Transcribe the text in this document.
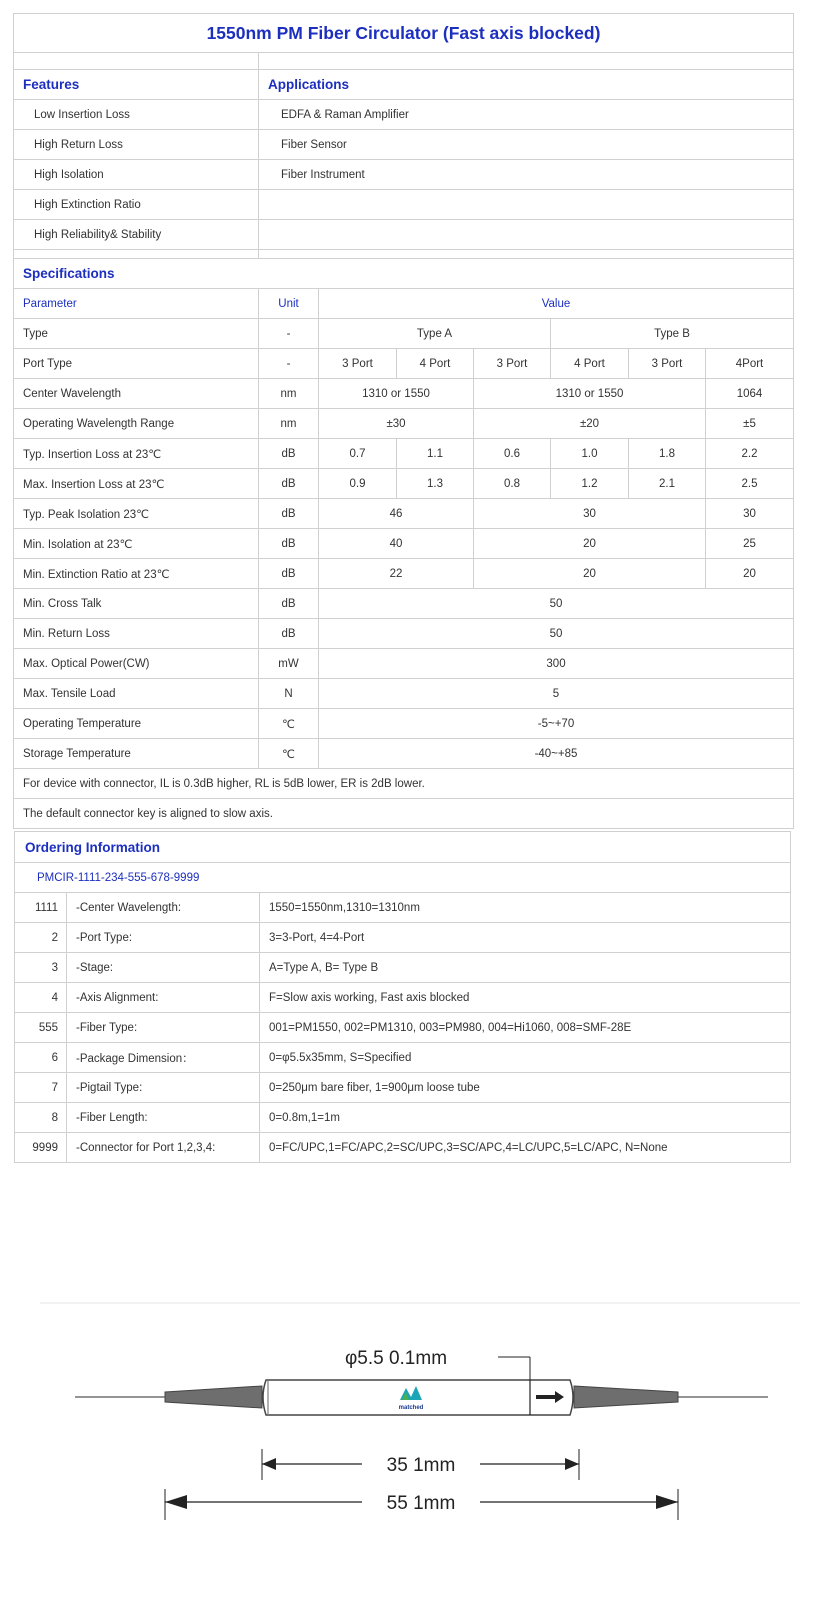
1550nm PM Fiber Circulator (Fast axis blocked)							

Features	Applications						
Low Insertion Loss	EDFA & Raman Amplifier						
High Return Loss	Fiber Sensor						
High Isolation	Fiber Instrument						
High Extinction Ratio							
High Reliability& Stability							

Specifications							
Parameter	Unit	Value					
Type	-	Type A			Type B		
Port Type	-	3 Port	4 Port	3 Port	4 Port	3 Port	4Port
Center Wavelength	nm	1310 or 1550		1310 or 1550			1064
Operating Wavelength Range	nm	±30		±20			±5
Typ. Insertion Loss at 23℃	dB	0.7	1.1	0.6	1.0	1.8	2.2
Max. Insertion Loss at 23℃	dB	0.9	1.3	0.8	1.2	2.1	2.5
Typ. Peak Isolation 23℃	dB	46		30			30
Min. Isolation at 23℃	dB	40		20			25
Min. Extinction Ratio at 23℃	dB	22		20			20
Min. Cross Talk	dB	50					
Min. Return Loss	dB	50					
Max. Optical Power(CW)	mW	300					
Max. Tensile Load	N	5					
Operating Temperature	℃	-5~+70					
Storage Temperature	℃	-40~+85					
For device with connector, IL is 0.3dB higher, RL is 5dB lower, ER is 2dB lower.							
The default connector key is aligned to slow axis.							
Ordering Information		
PMCIR-1111-234-555-678-9999		
1111	-Center Wavelength:	1550=1550nm,1310=1310nm
2	-Port Type:	3=3-Port, 4=4-Port
3	-Stage:	A=Type A, B= Type B
4	-Axis Alignment:	F=Slow axis working, Fast axis blocked
555	-Fiber Type:	001=PM1550, 002=PM1310, 003=PM980, 004=Hi1060, 008=SMF-28E
6	-Package Dimension：	0=φ5.5x35mm, S=Specified
7	-Pigtail Type:	0=250μm bare fiber, 1=900μm loose tube
8	-Fiber Length:	0=0.8m,1=1m
9999	-Connector for Port 1,2,3,4:	0=FC/UPC,1=FC/APC,2=SC/UPC,3=SC/APC,4=LC/UPC,5=LC/APC, N=None
matched
φ5.5 0.1mm
35 1mm
55 1mm
